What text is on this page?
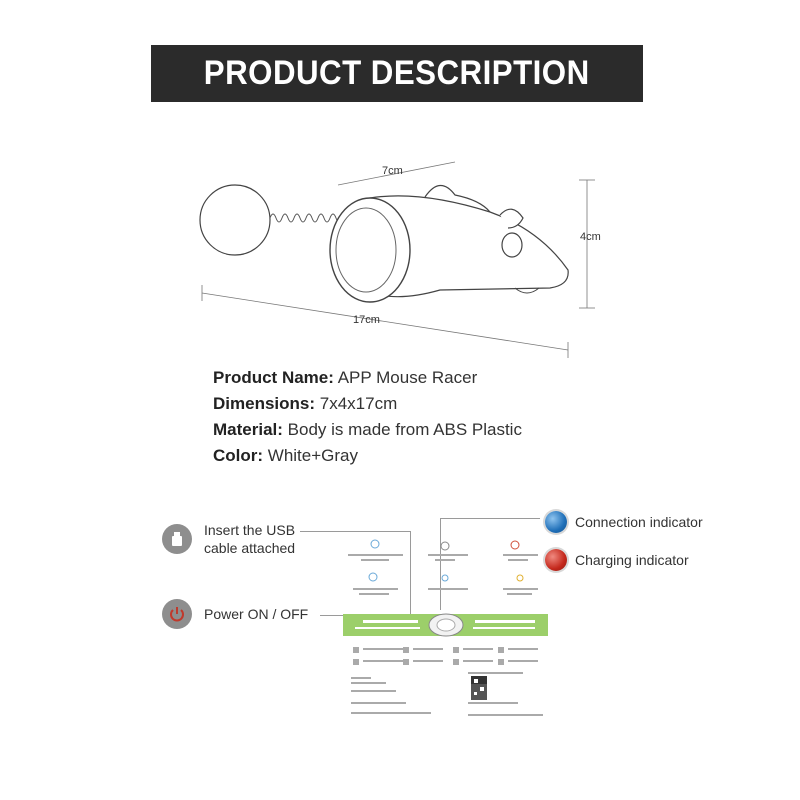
PRODUCT DESCRIPTION
7cm
4cm
17cm
Product Name: APP Mouse Racer
Dimensions: 7x4x17cm
Material: Body is made from ABS Plastic
Color: White+Gray
Insert the USB
cable attached
Power ON / OFF
Connection indicator
Charging indicator
